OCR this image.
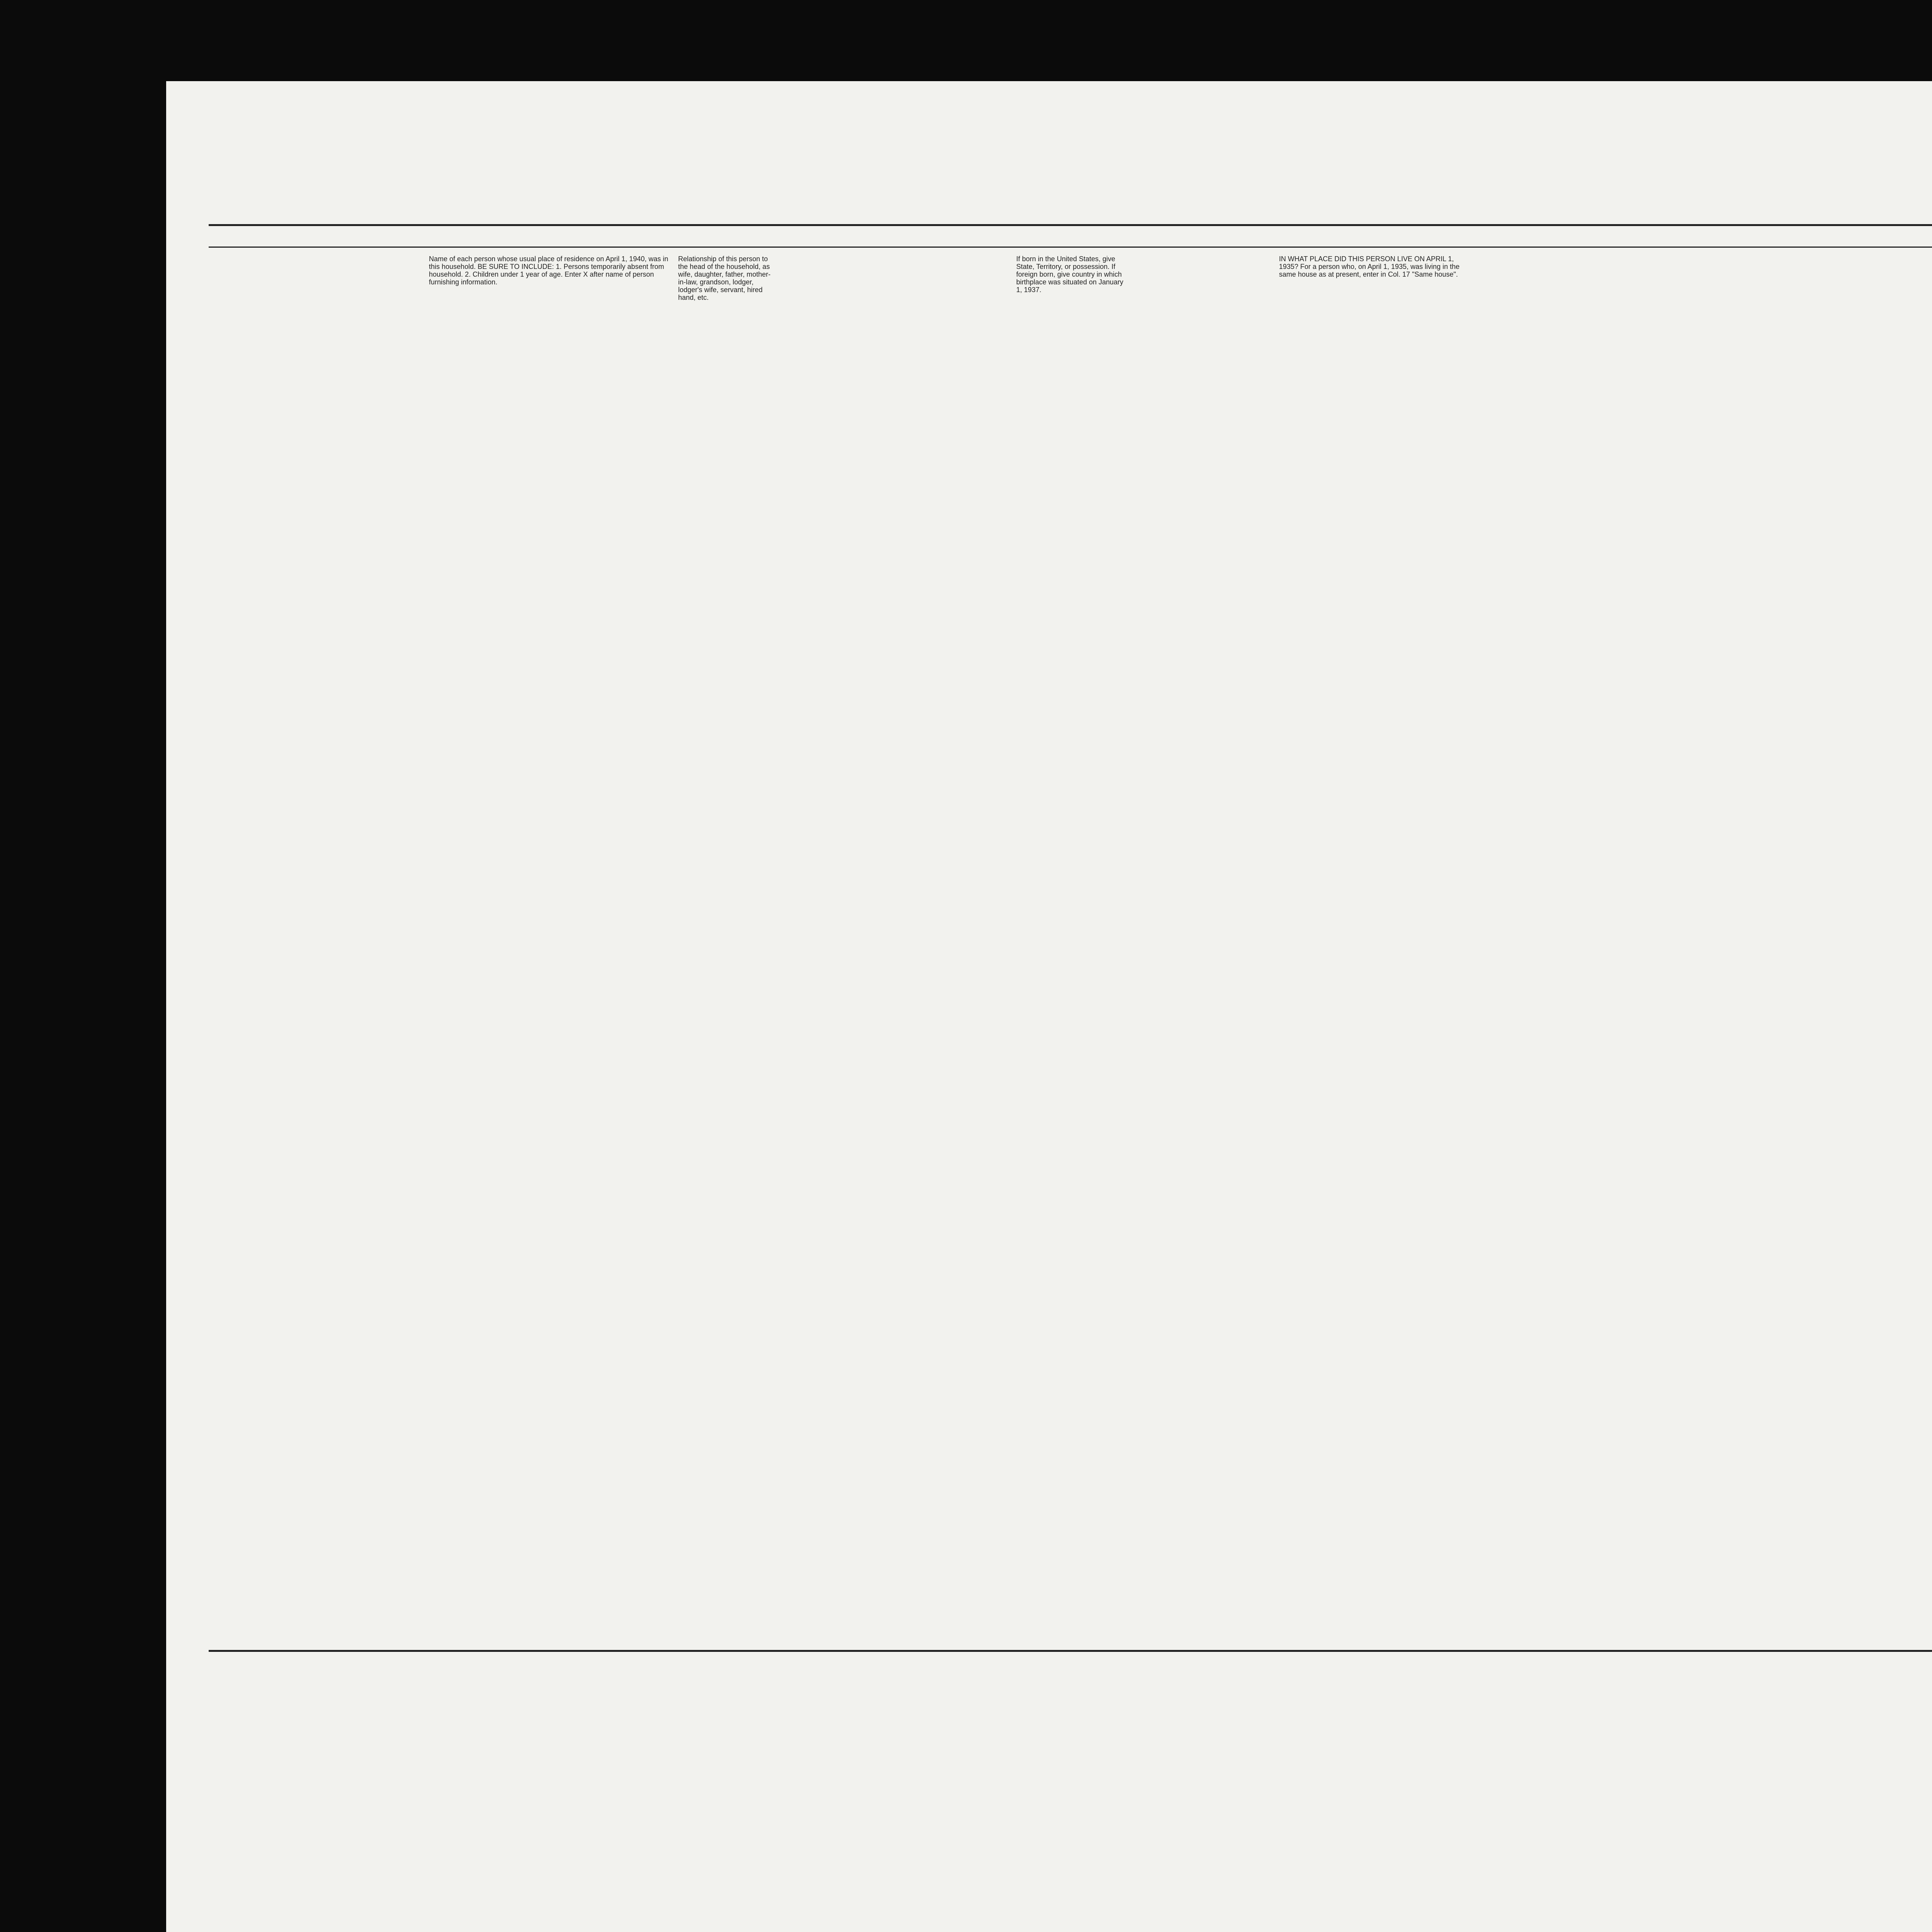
Name of each person whose usual place of residence on April 1, 1940, was in this household. BE SURE TO INCLUDE: 1. Persons temporarily absent from household. 2. Children under 1 year of age. Enter X after name of person furnishing information.
Relationship of this person to the head of the household, as wife, daughter, father, mother-in-law, grandson, lodger, lodger's wife, servant, hired hand, etc.
If born in the United States, give State, Territory, or possession. If foreign born, give country in which birthplace was situated on January 1, 1937.
IN WHAT PLACE DID THIS PERSON LIVE ON APRIL 1, 1935? For a person who, on April 1, 1935, was living in the same house as at present, enter in Col. 17 "Same house".
